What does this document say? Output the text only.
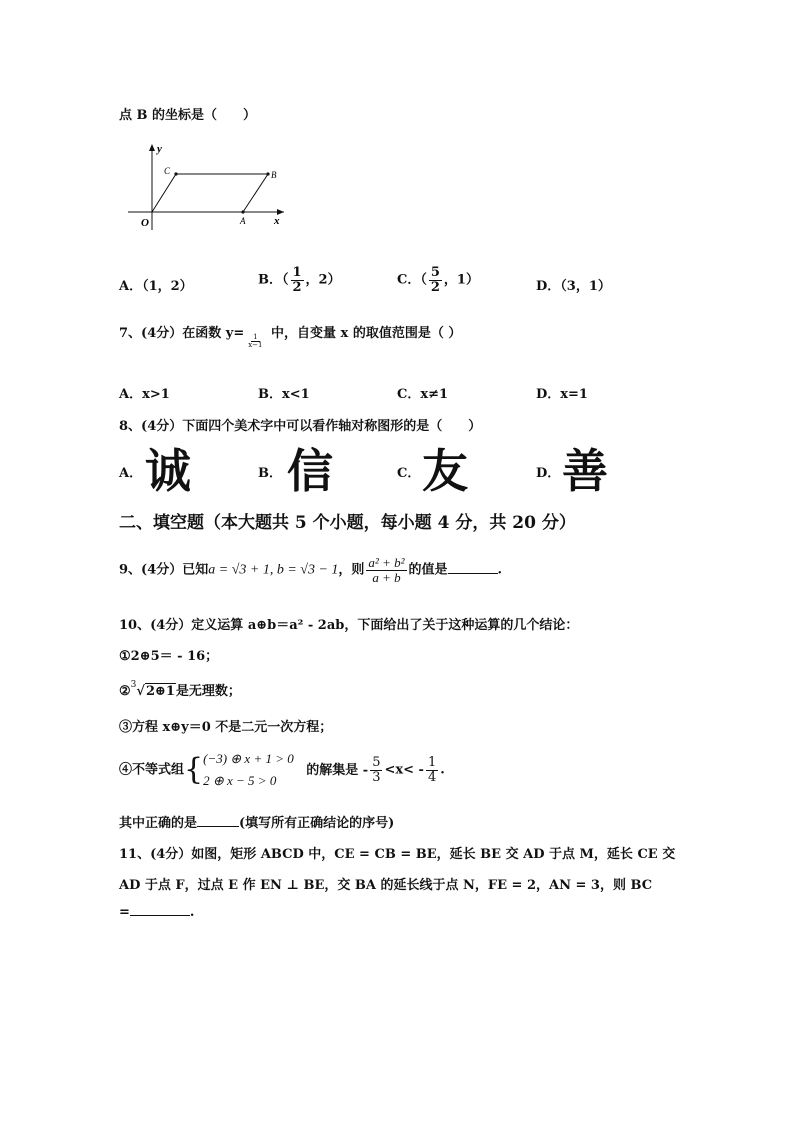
点 B 的坐标是（　　）
y
x
O	A
B
C
A．（1，2）	B．（ $\frac{1}{2}$ ，2）	C．（ $\frac{5}{2}$ ，1）	D．（3，1）
7、(4分）在函数 y=
$\frac{1}{x-1}$
中，自变量 x 的取值范围是（ ）
A．x>1	B．x<1	C．x≠1	D．x=1
8、(4分）下面四个美术字中可以看作轴对称图形的是（　　）
A． 诚	B． 信	C． 友	D． 善
二、填空题（本大题共 5 个小题，每小题 4 分，共 20 分）
9、(4分）已知a = √3 + 1, b = √3 − 1，则 $\frac{\text{a² + b²}}{a + b}$ 的值是	.
10、(4分）定义运算 a⊕b＝a² - 2ab，下面给出了关于这种运算的几个结论：
①2⊕5＝ - 16；
②$^3$√2⊕1是无理数；
③方程 x⊕y＝0 不是二元一次方程；
④不等式组{ (−3) ⊕ x + 1 > 0
2 ⊕ x − 5 > 0
的解集是 - $\frac{5}{3} <x< - \frac{1}{4}$ .
其中正确的是	(填写所有正确结论的序号)
11、(4分）如图，矩形 ABCD 中，CE = CB = BE，延长 BE 交 AD 于点 M，延长 CE 交
AD 于点 F，过点 E 作 EN ⊥ BE，交 BA 的延长线于点 N，FE = 2，AN = 3，则 BC
=	.
